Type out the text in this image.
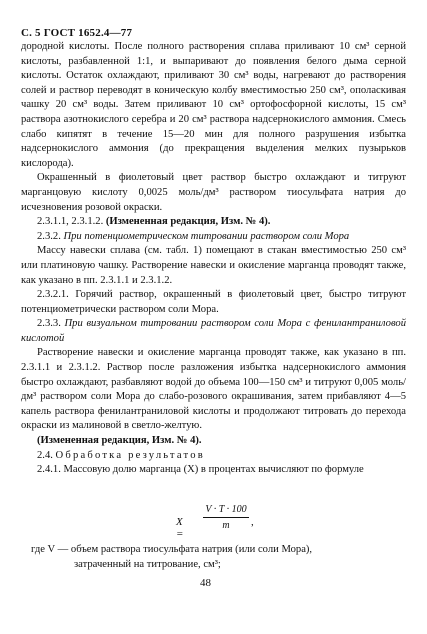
С. 5 ГОСТ 1652.4—77

дородной кислоты. После полного растворения сплава приливают 10 см³ серной кислоты, разбавленной 1:1, и выпаривают до появления белого дыма серной кислоты. Остаток охлаждают, приливают 30 см³ воды, нагревают до растворения солей и раствор переводят в коническую колбу вместимостью 250 см³, ополаскивая чашку 20 см³ воды. Затем приливают 10 см³ ортофосфорной кислоты, 15 см³ раствора азотнокислого серебра и 20 см³ раствора надсернокислого аммония. Смесь слабо кипятят в течение 15—20 мин для полного разрушения избытка надсернокислого аммония (до прекращения выделения мелких пузырьков кислорода).

Окрашенный в фиолетовый цвет раствор быстро охлаждают и титруют марганцовую кислоту 0,0025 моль/дм³ раствором тиосульфата натрия до исчезновения розовой окраски.

2.3.1.1, 2.3.1.2. (Измененная редакция, Изм. № 4).

2.3.2. При потенциометрическом титровании раствором соли Мора

Массу навески сплава (см. табл. 1) помещают в стакан вместимостью 250 см³ или платиновую чашку. Растворение навески и окисление марганца проводят также, как указано в пп. 2.3.1.1 и 2.3.1.2.

2.3.2.1. Горячий раствор, окрашенный в фиолетовый цвет, быстро титруют потенциометрически раствором соли Мора.

2.3.3. При визуальном титровании раствором соли Мора с фенилантраниловой кислотой

Растворение навески и окисление марганца проводят также, как указано в пп. 2.3.1.1 и 2.3.1.2. Раствор после разложения избытка надсернокислого аммония быстро охлаждают, разбавляют водой до объема 100—150 см³ и титруют 0,005 моль/дм³ раствором соли Мора до слабо-розового окрашивания, затем прибавляют 4—5 капель раствора фенилантраниловой кислоты и продолжают титровать до перехода окраски из малиновой в светло-желтую.

(Измененная редакция, Изм. № 4).

2.4. Обработка результатов

2.4.1. Массовую долю марганца (X) в процентах вычисляют по формуле

X =
$\frac{V \cdot T \cdot 100}{m}$ ,
где V — объем раствора тиосульфата натрия (или соли Мора),
затраченный на титрование, см³;
48
